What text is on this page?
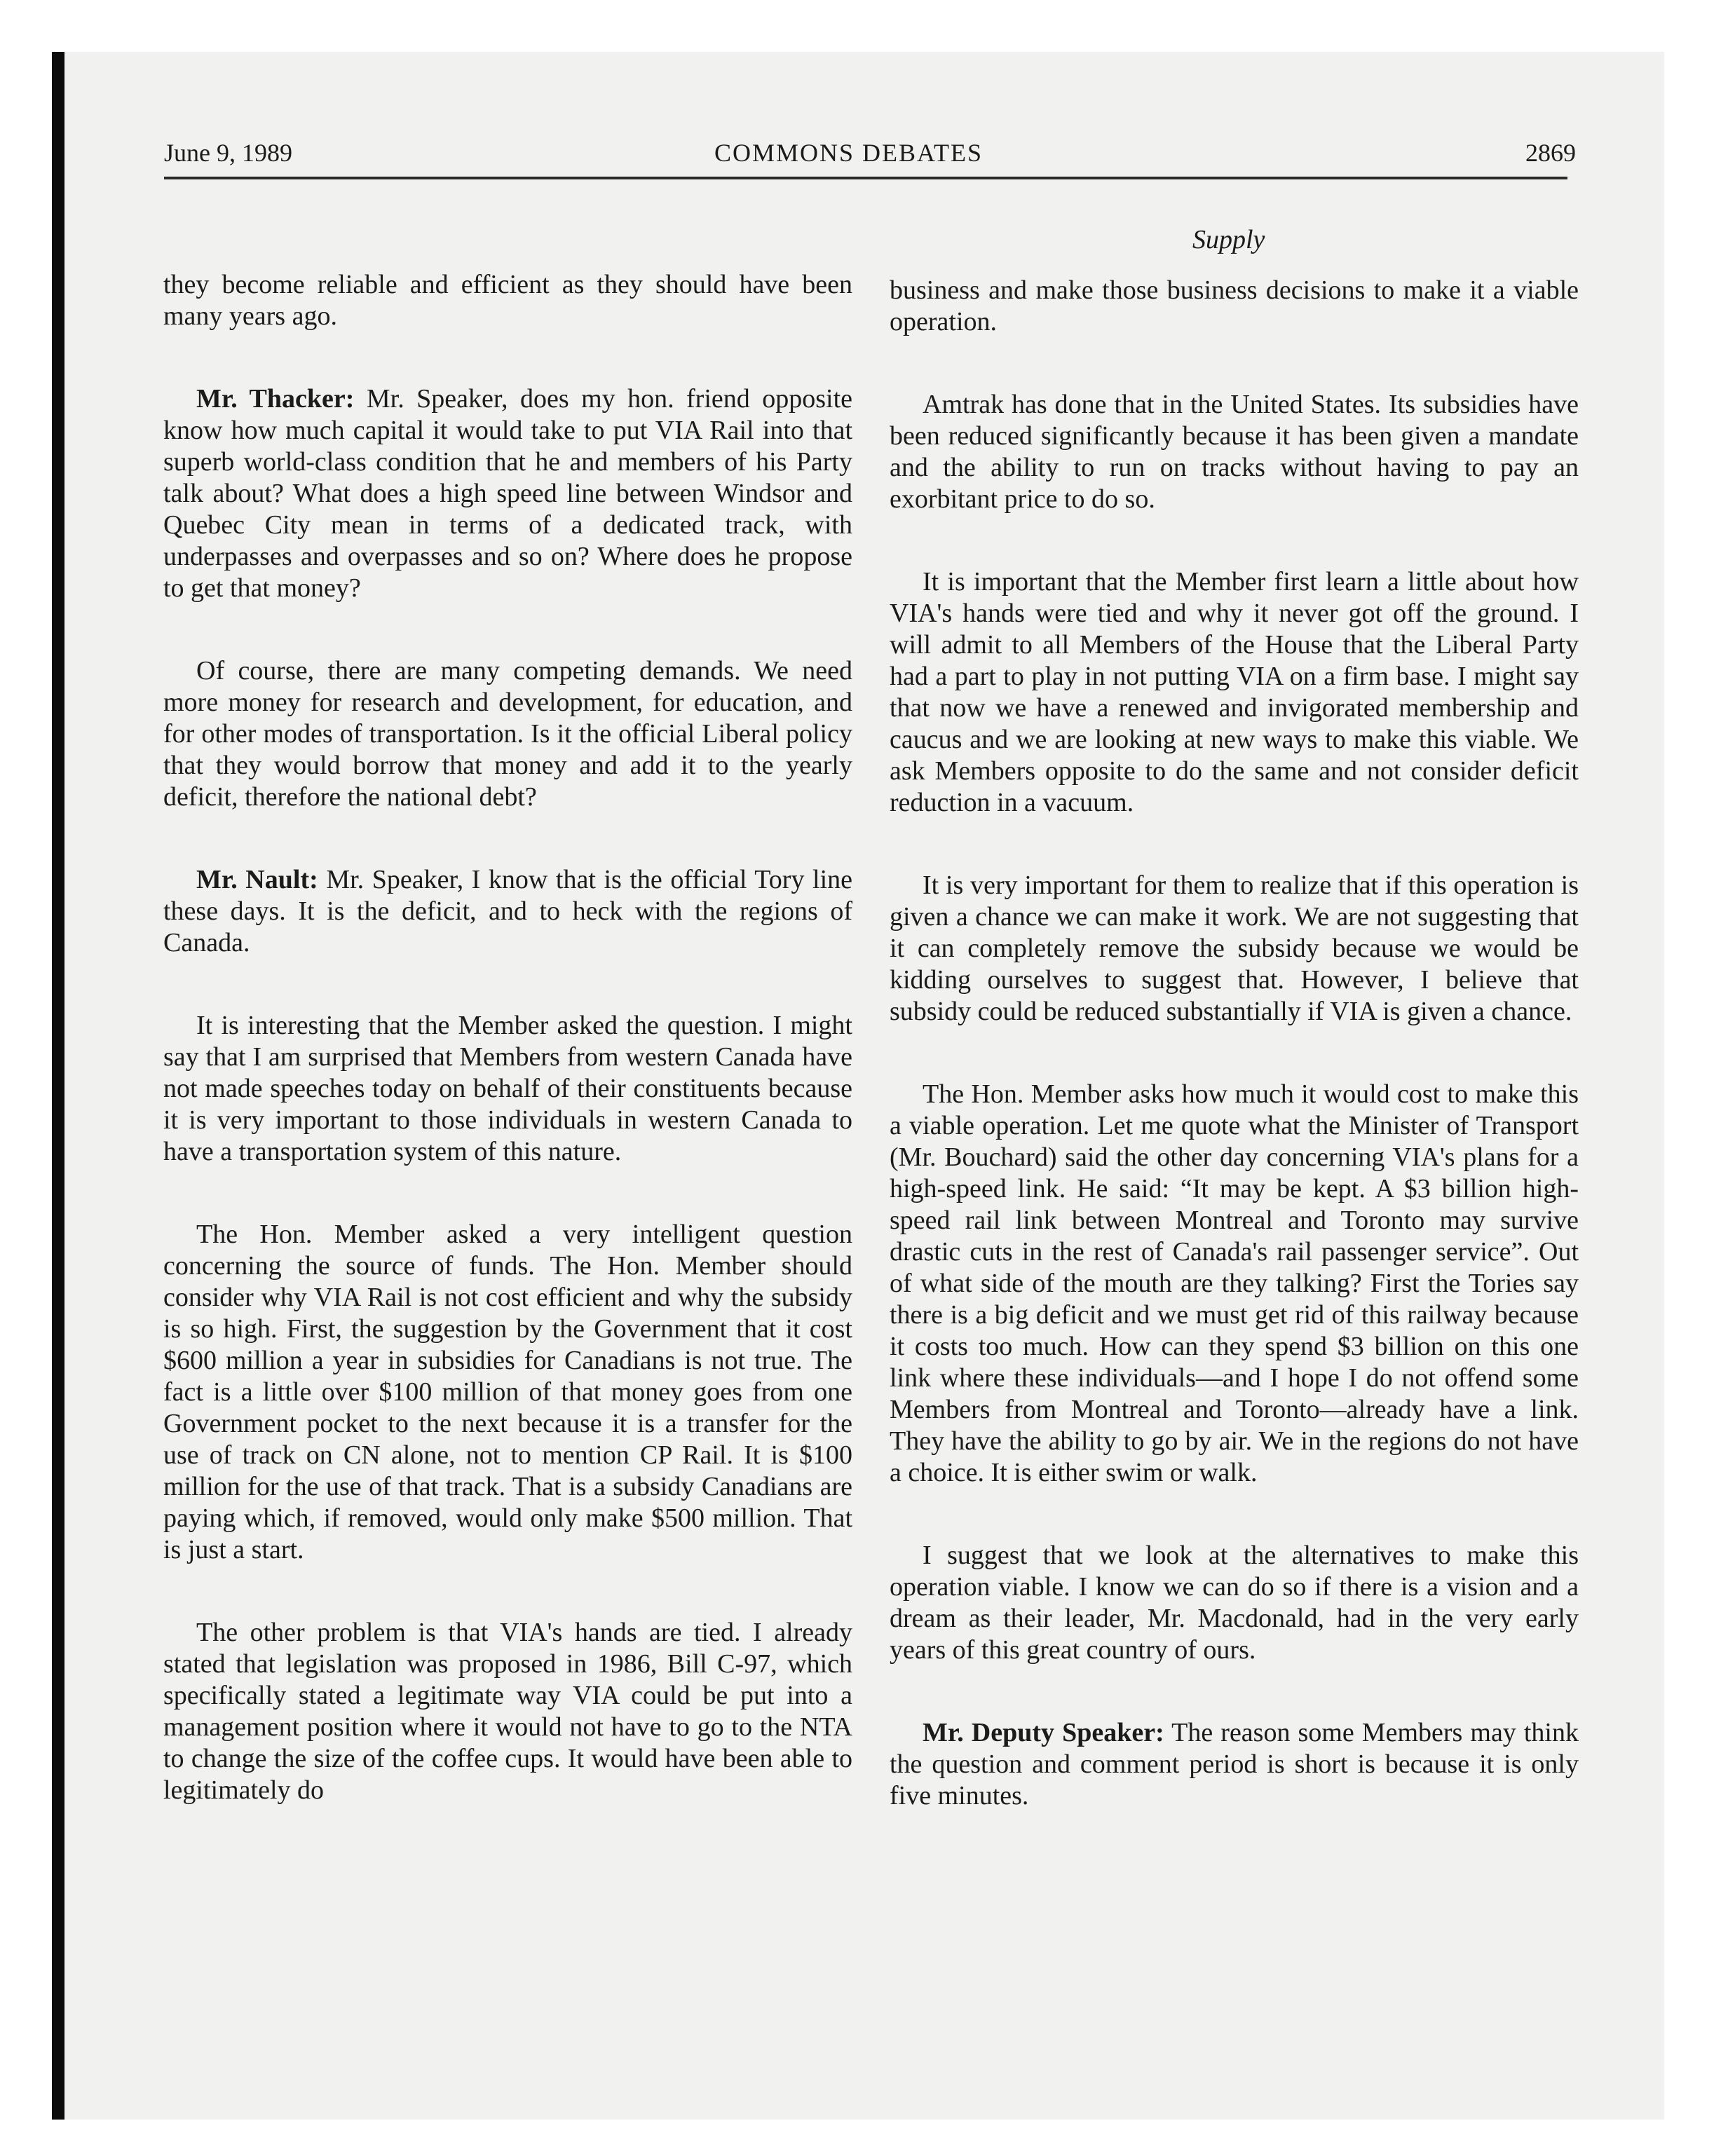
June 9, 1989	COMMONS DEBATES	2869
Supply

they become reliable and efficient as they should have been many years ago.

Mr. Thacker: Mr. Speaker, does my hon. friend opposite know how much capital it would take to put VIA Rail into that superb world-class condition that he and members of his Party talk about? What does a high speed line between Windsor and Quebec City mean in terms of a dedicated track, with underpasses and overpasses and so on? Where does he propose to get that money?

Of course, there are many competing demands. We need more money for research and development, for education, and for other modes of transportation. Is it the official Liberal policy that they would borrow that money and add it to the yearly deficit, therefore the national debt?

Mr. Nault: Mr. Speaker, I know that is the official Tory line these days. It is the deficit, and to heck with the regions of Canada.

It is interesting that the Member asked the question. I might say that I am surprised that Members from western Canada have not made speeches today on behalf of their constituents because it is very important to those individuals in western Canada to have a transportation system of this nature.

The Hon. Member asked a very intelligent question concerning the source of funds. The Hon. Member should consider why VIA Rail is not cost efficient and why the subsidy is so high. First, the suggestion by the Government that it cost $600 million a year in subsidies for Canadians is not true. The fact is a little over $100 million of that money goes from one Government pocket to the next because it is a transfer for the use of track on CN alone, not to mention CP Rail. It is $100 million for the use of that track. That is a subsidy Canadians are paying which, if removed, would only make $500 million. That is just a start.

The other problem is that VIA's hands are tied. I already stated that legislation was proposed in 1986, Bill C-97, which specifically stated a legitimate way VIA could be put into a management position where it would not have to go to the NTA to change the size of the coffee cups. It would have been able to legitimately do

business and make those business decisions to make it a viable operation.

Amtrak has done that in the United States. Its subsidies have been reduced significantly because it has been given a mandate and the ability to run on tracks without having to pay an exorbitant price to do so.

It is important that the Member first learn a little about how VIA's hands were tied and why it never got off the ground. I will admit to all Members of the House that the Liberal Party had a part to play in not putting VIA on a firm base. I might say that now we have a renewed and invigorated membership and caucus and we are looking at new ways to make this viable. We ask Members opposite to do the same and not consider deficit reduction in a vacuum.

It is very important for them to realize that if this operation is given a chance we can make it work. We are not suggesting that it can completely remove the subsidy because we would be kidding ourselves to suggest that. However, I believe that subsidy could be reduced substantially if VIA is given a chance.

The Hon. Member asks how much it would cost to make this a viable operation. Let me quote what the Minister of Transport (Mr. Bouchard) said the other day concerning VIA's plans for a high-speed link. He said: “It may be kept. A $3 billion high-speed rail link between Montreal and Toronto may survive drastic cuts in the rest of Canada's rail passenger service”. Out of what side of the mouth are they talking? First the Tories say there is a big deficit and we must get rid of this railway because it costs too much. How can they spend $3 billion on this one link where these individuals—and I hope I do not offend some Members from Montreal and Toronto—already have a link. They have the ability to go by air. We in the regions do not have a choice. It is either swim or walk.

I suggest that we look at the alternatives to make this operation viable. I know we can do so if there is a vision and a dream as their leader, Mr. Macdonald, had in the very early years of this great country of ours.

Mr. Deputy Speaker: The reason some Members may think the question and comment period is short is because it is only five minutes.
